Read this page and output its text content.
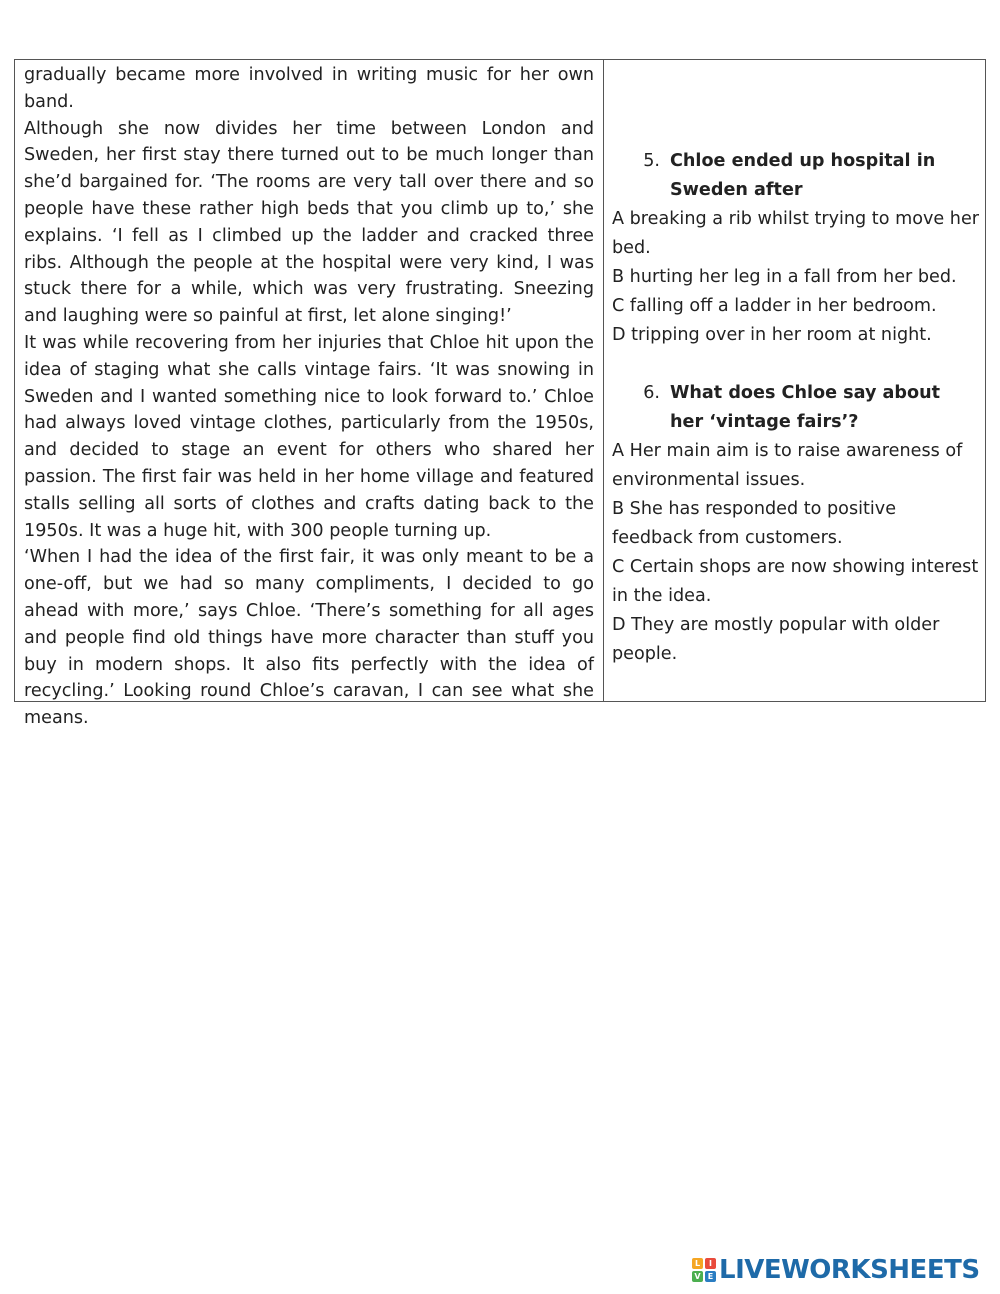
gradually became more involved in writing music for her own band.

Although she now divides her time between London and Sweden, her first stay there turned out to be much longer than she’d bargained for. ‘The rooms are very tall over there and so people have these rather high beds that you climb up to,’ she explains. ‘I fell as I climbed up the ladder and cracked three ribs. Although the people at the hospital were very kind, I was stuck there for a while, which was very frustrating. Sneezing and laughing were so painful at first, let alone singing!’

It was while recovering from her injuries that Chloe hit upon the idea of staging what she calls vintage fairs. ‘It was snowing in Sweden and I wanted something nice to look forward to.’ Chloe had always loved vintage clothes, particularly from the 1950s, and decided to stage an event for others who shared her passion. The first fair was held in her home village and featured stalls selling all sorts of clothes and crafts dating back to the 1950s. It was a huge hit, with 300 people turning up.

‘When I had the idea of the first fair, it was only meant to be a one-off, but we had so many compliments, I decided to go ahead with more,’ says Chloe. ‘There’s something for all ages and people find old things have more character than stuff you buy in modern shops. It also fits perfectly with the idea of recycling.’ Looking round Chloe’s caravan, I can see what she means.

5. Chloe ended up hospital in Sweden after

A breaking a rib whilst trying to move her bed.

B hurting her leg in a fall from her bed.

C falling off a ladder in her bedroom.

D tripping over in her room at night.

6. What does Chloe say about her ‘vintage fairs’?

A Her main aim is to raise awareness of environmental issues.

B She has responded to positive feedback from customers.

C Certain shops are now showing interest in the idea.

D They are mostly popular with older people.

L	I
V E LIVEWORKSHEETS
